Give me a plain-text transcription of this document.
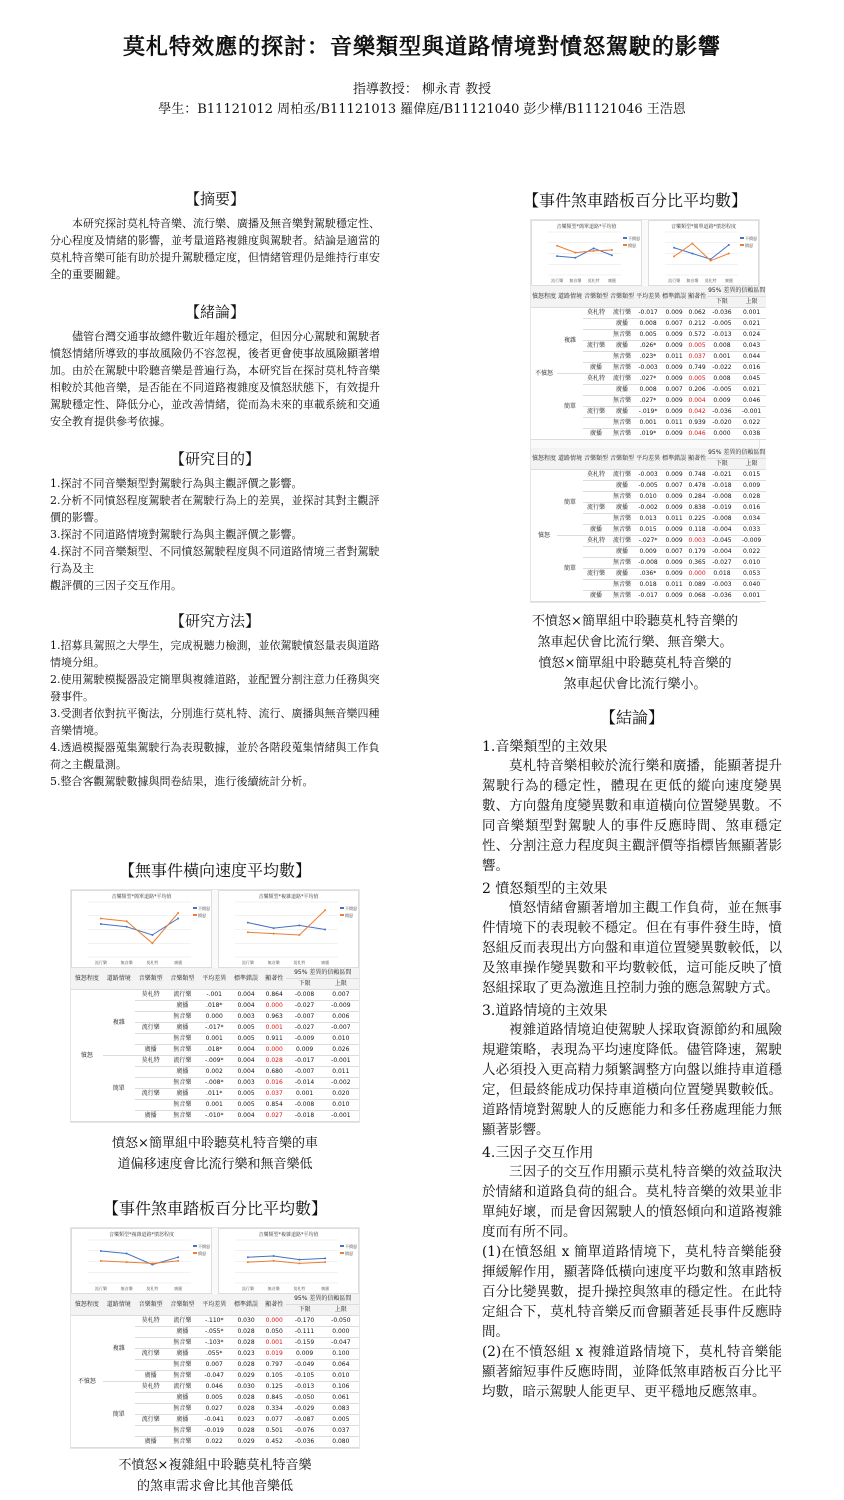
莫札特效應的探討：音樂類型與道路情境對憤怒駕駛的影響
指導教授： 柳永青 教授
學生：B11121012 周柏丞/B11121013 羅偉庭/B11121040 彭少樺/B11121046 王浩恩
【摘要】

本研究探討莫札特音樂、流行樂、廣播及無音樂對駕駛穩定性、分心程度及情緒的影響，並考量道路複雜度與駕駛者。結論是適當的莫札特音樂可能有助於提升駕駛穩定度，但情緒管理仍是維持行車安全的重要關鍵。

【緒論】

儘管台灣交通事故總件數近年趨於穩定，但因分心駕駛和駕駛者憤怒情緒所導致的事故風險仍不容忽視，後者更會使事故風險顯著增加。由於在駕駛中聆聽音樂是普遍行為，本研究旨在探討莫札特音樂相較於其他音樂，是否能在不同道路複雜度及憤怒狀態下，有效提升駕駛穩定性、降低分心，並改善情緒，從而為未來的車載系統和交通安全教育提供參考依據。

【研究目的】

1.探討不同音樂類型對駕駛行為與主觀評價之影響。

2.分析不同憤怒程度駕駛者在駕駛行為上的差異，並探討其對主觀評價的影響。

3.探討不同道路情境對駕駛行為與主觀評價之影響。

4.探討不同音樂類型、不同憤怒駕駛程度與不同道路情境三者對駕駛行為及主

觀評價的三因子交互作用。

【研究方法】

1.招募具駕照之大學生，完成視聽力檢測，並依駕駛憤怒量表與道路情境分組。

2.使用駕駛模擬器設定簡單與複雜道路，並配置分割注意力任務與突發事件。

3.受測者依對抗平衡法，分別進行莫札特、流行、廣播與無音樂四種音樂情境。

4.透過模擬器蒐集駕駛行為表現數據，並於各階段蒐集情緒與工作負荷之主觀量測。

5.整合客觀駕駛數據與問卷結果，進行後續統計分析。

【無事件橫向速度平均數】
音樂類型*簡單道路*平均值
流行樂	無音樂	莫札特	廣播
不憤怒
憤怒
音樂類型*複雜道路*平均值
流行樂	無音樂	莫札特	廣播
不憤怒
憤怒
憤怒程度	道路情境	音樂類型	音樂類型	平均差異	標準錯誤	顯著性	95% 差異的信賴區間	
							下限	上限
憤怒	複雜	莫札特	流行樂	-.001	0.004	0.864	-0.008	0.007
			廣播	.018*	0.004	0.000	-0.027	-0.009
			無音樂	0.000	0.003	0.963	-0.007	0.006
		流行樂	廣播	-.017*	0.005	0.001	-0.027	-0.007
			無音樂	0.001	0.005	0.911	-0.009	0.010
		廣播	無音樂	.018*	0.004	0.000	0.009	0.026
	簡單	莫札特	流行樂	-.009*	0.004	0.028	-0.017	-0.001
			廣播	0.002	0.004	0.680	-0.007	0.011
			無音樂	-.008*	0.003	0.016	-0.014	-0.002
		流行樂	廣播	.011*	0.005	0.037	0.001	0.020
			無音樂	0.001	0.005	0.854	-0.008	0.010
		廣播	無音樂	-.010*	0.004	0.027	-0.018	-0.001
憤怒×簡單組中聆聽莫札特音樂的車
道偏移速度會比流行樂和無音樂低
【事件煞車踏板百分比平均數】
音樂類型*複雜道路*憤怒程度
流行樂	無音樂	莫札特	廣播
不憤怒
憤怒
音樂類型*複雜道路*平均值
流行樂	無音樂	莫札特	廣播
不憤怒
憤怒
憤怒程度	道路情境	音樂類型	音樂類型	平均差異	標準錯誤	顯著性	95% 差異的信賴區間	
							下限	上限
不憤怒	複雜	莫札特	流行樂	-.110*	0.030	0.000	-0.170	-0.050
			廣播	-.055*	0.028	0.050	-0.111	0.000
			無音樂	-.103*	0.028	0.001	-0.159	-0.047
		流行樂	廣播	.055*	0.023	0.019	0.009	0.100
			無音樂	0.007	0.028	0.797	-0.049	0.064
		廣播	無音樂	-0.047	0.029	0.105	-0.105	0.010
	簡單	莫札特	流行樂	0.046	0.030	0.125	-0.013	0.106
			廣播	0.005	0.028	0.845	-0.050	0.061
			無音樂	0.027	0.028	0.334	-0.029	0.083
		流行樂	廣播	-0.041	0.023	0.077	-0.087	0.005
			無音樂	-0.019	0.028	0.501	-0.076	0.037
		廣播	無音樂	0.022	0.029	0.452	-0.036	0.080
不憤怒×複雜組中聆聽莫札特音樂
的煞車需求會比其他音樂低
【事件煞車踏板百分比平均數】
音樂類型*簡單道路*平均值
流行樂 無音樂 莫札特 廣播
不憤怒
憤怒
音樂類型*簡單道路*憤怒程度
流行樂 無音樂 莫札特 廣播
不憤怒
憤怒
憤怒程度	道路情境	音樂類型	音樂類型	平均差異	標準錯誤	顯著性	95% 差異的信賴區間	
							下限	上限
不憤怒	複雜	莫札特	流行樂	-0.017	0.009	0.062	-0.036	0.001
			廣播	0.008	0.007	0.212	-0.005	0.021
			無音樂	0.005	0.009	0.572	-0.013	0.024
		流行樂	廣播	.026*	0.009	0.005	0.008	0.043
			無音樂	.023*	0.011	0.037	0.001	0.044
		廣播	無音樂	-0.003	0.009	0.749	-0.022	0.016
	簡單	莫札特	流行樂	.027*	0.009	0.005	0.008	0.045
			廣播	0.008	0.007	0.206	-0.005	0.021
			無音樂	.027*	0.009	0.004	0.009	0.046
		流行樂	廣播	-.019*	0.009	0.042	-0.036	-0.001
			無音樂	0.001	0.011	0.939	-0.020	0.022
		廣播	無音樂	.019*	0.009	0.046	0.000	0.038
憤怒程度	道路情境	音樂類型	音樂類型	平均差異	標準錯誤	顯著性	95% 差異的信賴區間	
							下限	上限
憤怒	簡單	莫札特	流行樂	-0.003	0.009	0.748	-0.021	0.015
			廣播	-0.005	0.007	0.478	-0.018	0.009
			無音樂	0.010	0.009	0.284	-0.008	0.028
		流行樂	廣播	-0.002	0.009	0.838	-0.019	0.016
			無音樂	0.013	0.011	0.225	-0.008	0.034
		廣播	無音樂	0.015	0.009	0.118	-0.004	0.033
	簡單	莫札特	流行樂	-.027*	0.009	0.003	-0.045	-0.009
			廣播	0.009	0.007	0.179	-0.004	0.022
			無音樂	-0.008	0.009	0.365	-0.027	0.010
		流行樂	廣播	.036*	0.009	0.000	0.018	0.053
			無音樂	0.018	0.011	0.089	-0.003	0.040
		廣播	無音樂	-0.017	0.009	0.068	-0.036	0.001
不憤怒×簡單組中聆聽莫札特音樂的
煞車起伏會比流行樂、無音樂大。
憤怒×簡單組中聆聽莫札特音樂的
煞車起伏會比流行樂小。
【結論】
1.音樂類型的主效果

莫札特音樂相較於流行樂和廣播，能顯著提升駕駛行為的穩定性，體現在更低的縱向速度變異數、方向盤角度變異數和車道橫向位置變異數。不同音樂類型對駕駛人的事件反應時間、煞車穩定性、分割注意力程度與主觀評價等指標皆無顯著影響。

2 憤怒類型的主效果

憤怒情緒會顯著增加主觀工作負荷，並在無事件情境下的表現較不穩定。但在有事件發生時，憤怒組反而表現出方向盤和車道位置變異數較低，以及煞車操作變異數和平均數較低，這可能反映了憤怒組採取了更為激進且控制力強的應急駕駛方式。

3.道路情境的主效果

複雜道路情境迫使駕駛人採取資源節約和風險規避策略，表現為平均速度降低。儘管降速，駕駛人必須投入更高精力頻繁調整方向盤以維持車道穩定，但最終能成功保持車道橫向位置變異數較低。道路情境對駕駛人的反應能力和多任務處理能力無顯著影響。

4.三因子交互作用

三因子的交互作用顯示莫札特音樂的效益取決於情緒和道路負荷的組合。莫札特音樂的效果並非單純好壞，而是會因駕駛人的憤怒傾向和道路複雜度而有所不同。

(1)在憤怒組 x 簡單道路情境下，莫札特音樂能發揮緩解作用，顯著降低橫向速度平均數和煞車踏板百分比變異數，提升操控與煞車的穩定性。在此特定組合下，莫札特音樂反而會顯著延長事件反應時間。

(2)在不憤怒組 x 複雜道路情境下，莫札特音樂能顯著縮短事件反應時間，並降低煞車踏板百分比平均數，暗示駕駛人能更早、更平穩地反應煞車。
